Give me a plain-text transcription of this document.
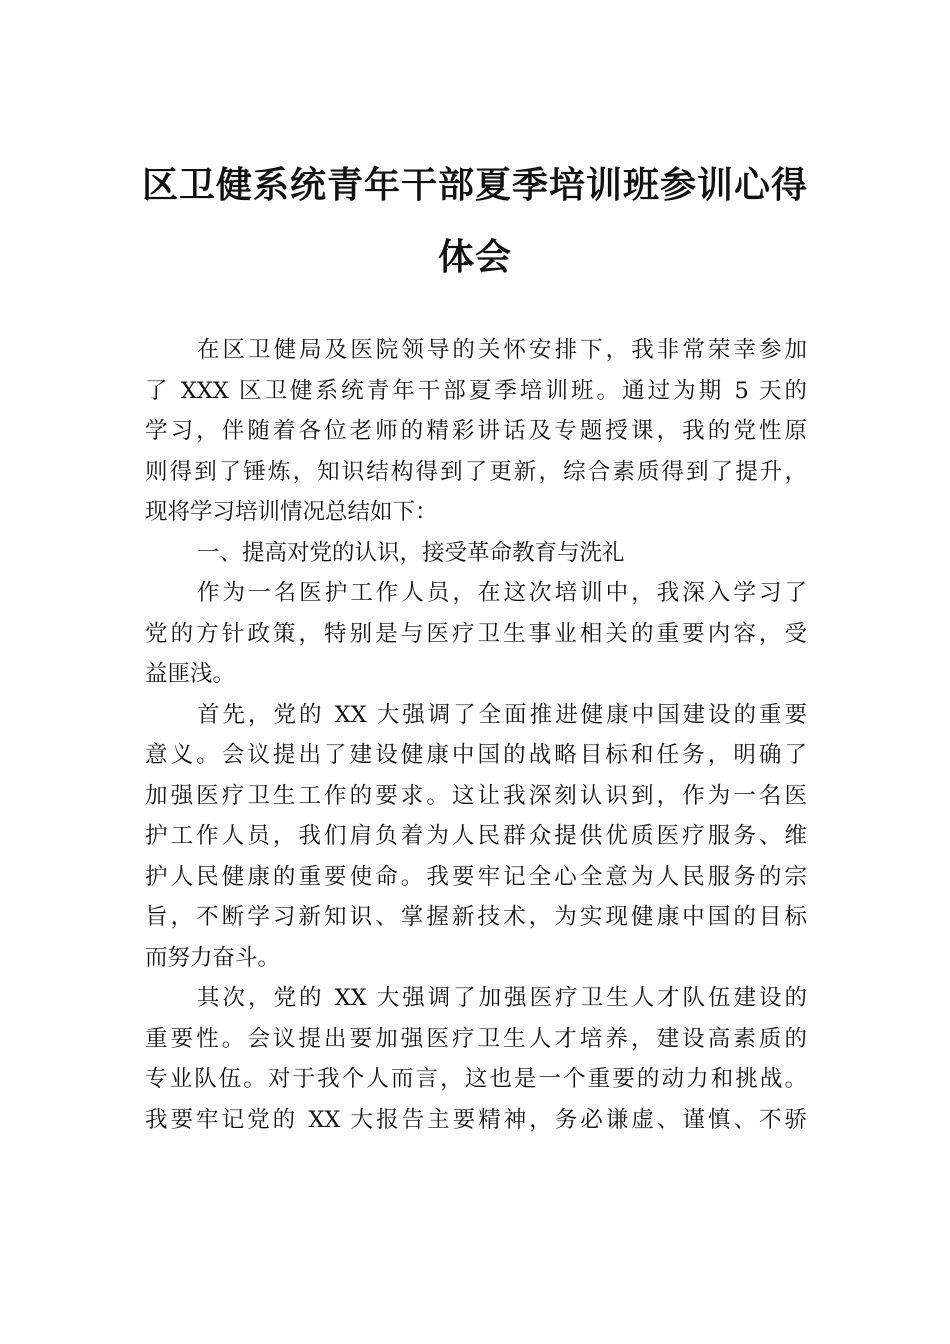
区卫健系统青年干部夏季培训班参训心得
体会
在区卫健局及医院领导的关怀安排下，我非常荣幸参加
了 XXX 区卫健系统青年干部夏季培训班。通过为期 5 天的
学习，伴随着各位老师的精彩讲话及专题授课，我的党性原
则得到了锤炼，知识结构得到了更新，综合素质得到了提升，
现将学习培训情况总结如下：
一、提高对党的认识，接受革命教育与洗礼
作为一名医护工作人员，在这次培训中，我深入学习了
党的方针政策，特别是与医疗卫生事业相关的重要内容，受
益匪浅。
首先，党的 XX 大强调了全面推进健康中国建设的重要
意义。会议提出了建设健康中国的战略目标和任务，明确了
加强医疗卫生工作的要求。这让我深刻认识到，作为一名医
护工作人员，我们肩负着为人民群众提供优质医疗服务、维
护人民健康的重要使命。我要牢记全心全意为人民服务的宗
旨，不断学习新知识、掌握新技术，为实现健康中国的目标
而努力奋斗。
其次，党的 XX 大强调了加强医疗卫生人才队伍建设的
重要性。会议提出要加强医疗卫生人才培养，建设高素质的
专业队伍。对于我个人而言，这也是一个重要的动力和挑战。
我要牢记党的 XX 大报告主要精神，务必谦虚、谨慎、不骄
